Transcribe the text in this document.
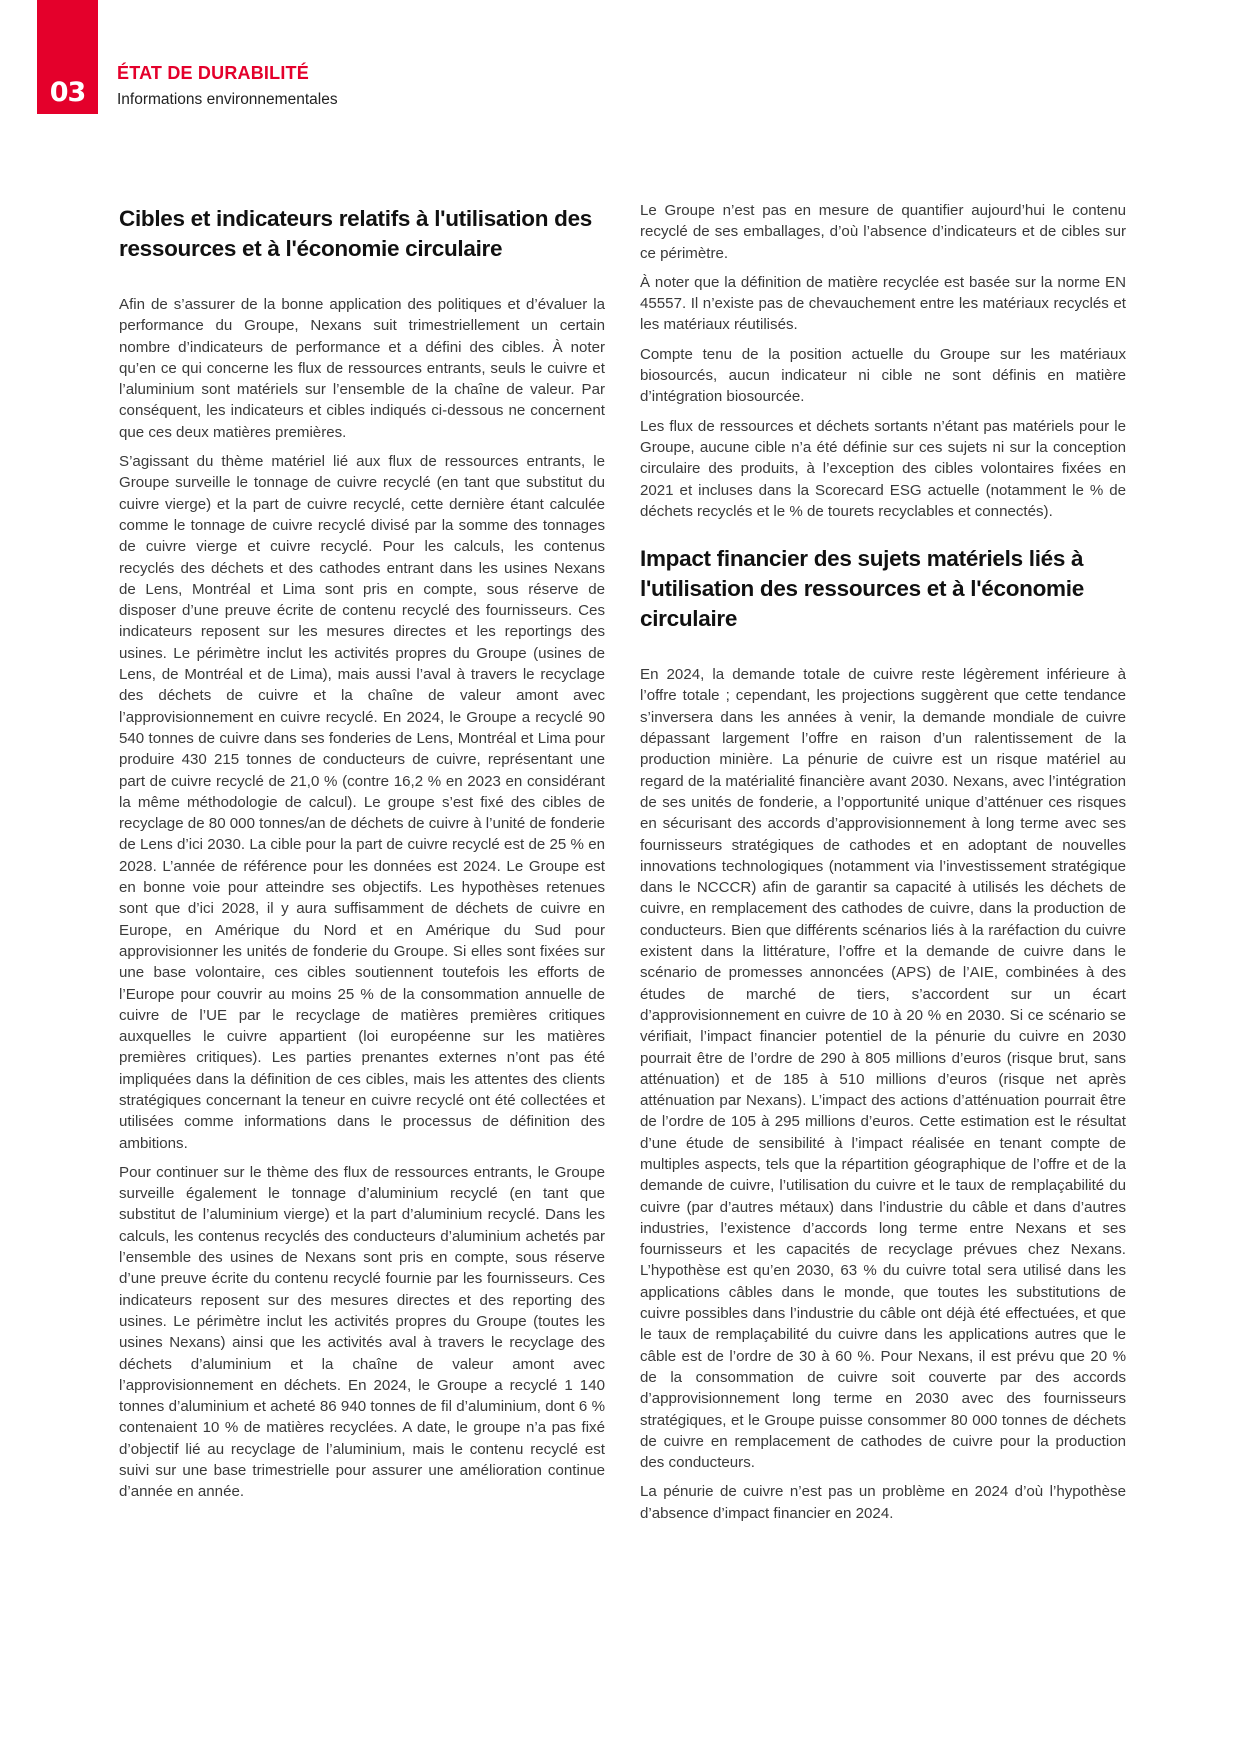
03
ÉTAT DE DURABILITÉ
Informations environnementales
Cibles et indicateurs relatifs à l'utilisation des ressources et à l'économie circulaire

Afin de s’assurer de la bonne application des politiques et d’évaluer la performance du Groupe, Nexans suit trimestriellement un certain nombre d’indicateurs de performance et a défini des cibles. À noter qu’en ce qui concerne les flux de ressources entrants, seuls le cuivre et l’aluminium sont matériels sur l’ensemble de la chaîne de valeur. Par conséquent, les indicateurs et cibles indiqués ci-dessous ne concernent que ces deux matières premières.

S’agissant du thème matériel lié aux flux de ressources entrants, le Groupe surveille le tonnage de cuivre recyclé (en tant que substitut du cuivre vierge) et la part de cuivre recyclé, cette dernière étant calculée comme le tonnage de cuivre recyclé divisé par la somme des tonnages de cuivre vierge et cuivre recyclé. Pour les calculs, les contenus recyclés des déchets et des cathodes entrant dans les usines Nexans de Lens, Montréal et Lima sont pris en compte, sous réserve de disposer d’une preuve écrite de contenu recyclé des fournisseurs. Ces indicateurs reposent sur les mesures directes et les reportings des usines. Le périmètre inclut les activités propres du Groupe (usines de Lens, de Montréal et de Lima), mais aussi l’aval à travers le recyclage des déchets de cuivre et la chaîne de valeur amont avec l’approvisionnement en cuivre recyclé. En 2024, le Groupe a recyclé 90 540 tonnes de cuivre dans ses fonderies de Lens, Montréal et Lima pour produire 430 215 tonnes de conducteurs de cuivre, représentant une part de cuivre recyclé de 21,0 % (contre 16,2 % en 2023 en considérant la même méthodologie de calcul). Le groupe s’est fixé des cibles de recyclage de 80 000 tonnes/an de déchets de cuivre à l’unité de fonderie de Lens d’ici 2030. La cible pour la part de cuivre recyclé est de 25 % en 2028. L’année de référence pour les données est 2024. Le Groupe est en bonne voie pour atteindre ses objectifs. Les hypothèses retenues sont que d’ici 2028, il y aura suffisamment de déchets de cuivre en Europe, en Amérique du Nord et en Amérique du Sud pour approvisionner les unités de fonderie du Groupe. Si elles sont fixées sur une base volontaire, ces cibles soutiennent toutefois les efforts de l’Europe pour couvrir au moins 25 % de la consommation annuelle de cuivre de l’UE par le recyclage de matières premières critiques auxquelles le cuivre appartient (loi européenne sur les matières premières critiques). Les parties prenantes externes n’ont pas été impliquées dans la définition de ces cibles, mais les attentes des clients stratégiques concernant la teneur en cuivre recyclé ont été collectées et utilisées comme informations dans le processus de définition des ambitions.

Pour continuer sur le thème des flux de ressources entrants, le Groupe surveille également le tonnage d’aluminium recyclé (en tant que substitut de l’aluminium vierge) et la part d’aluminium recyclé. Dans les calculs, les contenus recyclés des conducteurs d’aluminium achetés par l’ensemble des usines de Nexans sont pris en compte, sous réserve d’une preuve écrite du contenu recyclé fournie par les fournisseurs. Ces indicateurs reposent sur des mesures directes et des reporting des usines. Le périmètre inclut les activités propres du Groupe (toutes les usines Nexans) ainsi que les activités aval à travers le recyclage des déchets d’aluminium et la chaîne de valeur amont avec l’approvisionnement en déchets. En 2024, le Groupe a recyclé 1 140 tonnes d’aluminium et acheté 86 940 tonnes de fil d’aluminium, dont 6 % contenaient 10 % de matières recyclées. A date, le groupe n’a pas fixé d’objectif lié au recyclage de l’aluminium, mais le contenu recyclé est suivi sur une base trimestrielle pour assurer une amélioration continue d’année en année.

Le Groupe n’est pas en mesure de quantifier aujourd’hui le contenu recyclé de ses emballages, d’où l’absence d’indicateurs et de cibles sur ce périmètre.

À noter que la définition de matière recyclée est basée sur la norme EN 45557. Il n’existe pas de chevauchement entre les matériaux recyclés et les matériaux réutilisés.

Compte tenu de la position actuelle du Groupe sur les matériaux biosourcés, aucun indicateur ni cible ne sont définis en matière d’intégration biosourcée.

Les flux de ressources et déchets sortants n’étant pas matériels pour le Groupe, aucune cible n’a été définie sur ces sujets ni sur la conception circulaire des produits, à l’exception des cibles volontaires fixées en 2021 et incluses dans la Scorecard ESG actuelle (notamment le % de déchets recyclés et le % de tourets recyclables et connectés).

Impact financier des sujets matériels liés à l'utilisation des ressources et à l'économie circulaire

En 2024, la demande totale de cuivre reste légèrement inférieure à l’offre totale ; cependant, les projections suggèrent que cette tendance s’inversera dans les années à venir, la demande mondiale de cuivre dépassant largement l’offre en raison d’un ralentissement de la production minière. La pénurie de cuivre est un risque matériel au regard de la matérialité financière avant 2030. Nexans, avec l’intégration de ses unités de fonderie, a l’opportunité unique d’atténuer ces risques en sécurisant des accords d’approvisionnement à long terme avec ses fournisseurs stratégiques de cathodes et en adoptant de nouvelles innovations technologiques (notamment via l’investissement stratégique dans le NCCCR) afin de garantir sa capacité à utilisés les déchets de cuivre, en remplacement des cathodes de cuivre, dans la production de conducteurs. Bien que différents scénarios liés à la raréfaction du cuivre existent dans la littérature, l’offre et la demande de cuivre dans le scénario de promesses annoncées (APS) de l’AIE, combinées à des études de marché de tiers, s’accordent sur un écart d’approvisionnement en cuivre de 10 à 20 % en 2030. Si ce scénario se vérifiait, l’impact financier potentiel de la pénurie du cuivre en 2030 pourrait être de l’ordre de 290 à 805 millions d’euros (risque brut, sans atténuation) et de 185 à 510 millions d’euros (risque net après atténuation par Nexans). L’impact des actions d’atténuation pourrait être de l’ordre de 105 à 295 millions d’euros. Cette estimation est le résultat d’une étude de sensibilité à l’impact réalisée en tenant compte de multiples aspects, tels que la répartition géographique de l’offre et de la demande de cuivre, l’utilisation du cuivre et le taux de remplaçabilité du cuivre (par d’autres métaux) dans l’industrie du câble et dans d’autres industries, l’existence d’accords long terme entre Nexans et ses fournisseurs et les capacités de recyclage prévues chez Nexans. L’hypothèse est qu’en 2030, 63 % du cuivre total sera utilisé dans les applications câbles dans le monde, que toutes les substitutions de cuivre possibles dans l’industrie du câble ont déjà été effectuées, et que le taux de remplaçabilité du cuivre dans les applications autres que le câble est de l’ordre de 30 à 60 %. Pour Nexans, il est prévu que 20 % de la consommation de cuivre soit couverte par des accords d’approvisionnement long terme en 2030 avec des fournisseurs stratégiques, et le Groupe puisse consommer 80 000 tonnes de déchets de cuivre en remplacement de cathodes de cuivre pour la production des conducteurs.

La pénurie de cuivre n’est pas un problème en 2024 d’où l’hypothèse d’absence d’impact financier en 2024.
